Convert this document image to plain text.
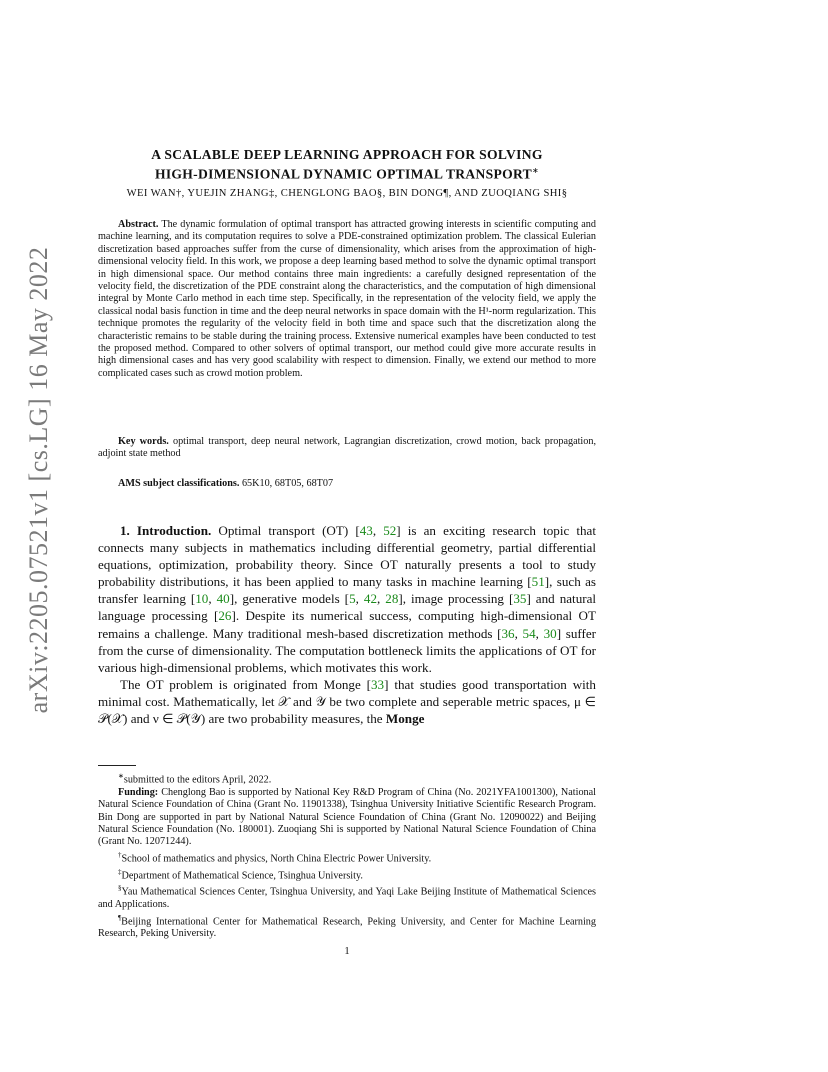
arXiv:2205.07521v1 [cs.LG] 16 May 2022
A SCALABLE DEEP LEARNING APPROACH FOR SOLVING
HIGH-DIMENSIONAL DYNAMIC OPTIMAL TRANSPORT∗
WEI WAN†, YUEJIN ZHANG‡, CHENGLONG BAO§, BIN DONG¶, AND ZUOQIANG SHI§

Abstract. The dynamic formulation of optimal transport has attracted growing interests in scientific computing and machine learning, and its computation requires to solve a PDE-constrained optimization problem. The classical Eulerian discretization based approaches suffer from the curse of dimensionality, which arises from the approximation of high-dimensional velocity field. In this work, we propose a deep learning based method to solve the dynamic optimal transport in high dimensional space. Our method contains three main ingredients: a carefully designed representation of the velocity field, the discretization of the PDE constraint along the characteristics, and the computation of high dimensional integral by Monte Carlo method in each time step. Specifically, in the representation of the velocity field, we apply the classical nodal basis function in time and the deep neural networks in space domain with the H¹-norm regularization. This technique promotes the regularity of the velocity field in both time and space such that the discretization along the characteristic remains to be stable during the training process. Extensive numerical examples have been conducted to test the proposed method. Compared to other solvers of optimal transport, our method could give more accurate results in high dimensional cases and has very good scalability with respect to dimension. Finally, we extend our method to more complicated cases such as crowd motion problem.

Key words. optimal transport, deep neural network, Lagrangian discretization, crowd motion, back propagation, adjoint state method

AMS subject classifications. 65K10, 68T05, 68T07

1. Introduction. Optimal transport (OT) [43, 52] is an exciting research topic that connects many subjects in mathematics including differential geometry, partial differential equations, optimization, probability theory. Since OT naturally presents a tool to study probability distributions, it has been applied to many tasks in machine learning [51], such as transfer learning [10, 40], generative models [5, 42, 28], image processing [35] and natural language processing [26]. Despite its numerical success, computing high-dimensional OT remains a challenge. Many traditional mesh-based discretization methods [36, 54, 30] suffer from the curse of dimensionality. The computation bottleneck limits the applications of OT for various high-dimensional problems, which motivates this work.

The OT problem is originated from Monge [33] that studies good transportation with minimal cost. Mathematically, let 𝒳 and 𝒴 be two complete and seperable metric spaces, μ ∈ 𝒫(𝒳) and ν ∈ 𝒫(𝒴) are two probability measures, the Monge

∗submitted to the editors April, 2022.

Funding: Chenglong Bao is supported by National Key R&D Program of China (No. 2021YFA1001300), National Natural Science Foundation of China (Grant No. 11901338), Tsinghua University Initiative Scientific Research Program. Bin Dong are supported in part by National Natural Science Foundation of China (Grant No. 12090022) and Beijing Natural Science Foundation (No. 180001). Zuoqiang Shi is supported by National Natural Science Foundation of China (Grant No. 12071244).

†School of mathematics and physics, North China Electric Power University.

‡Department of Mathematical Science, Tsinghua University.

§Yau Mathematical Sciences Center, Tsinghua University, and Yaqi Lake Beijing Institute of Mathematical Sciences and Applications.

¶Beijing International Center for Mathematical Research, Peking University, and Center for Machine Learning Research, Peking University.

1
